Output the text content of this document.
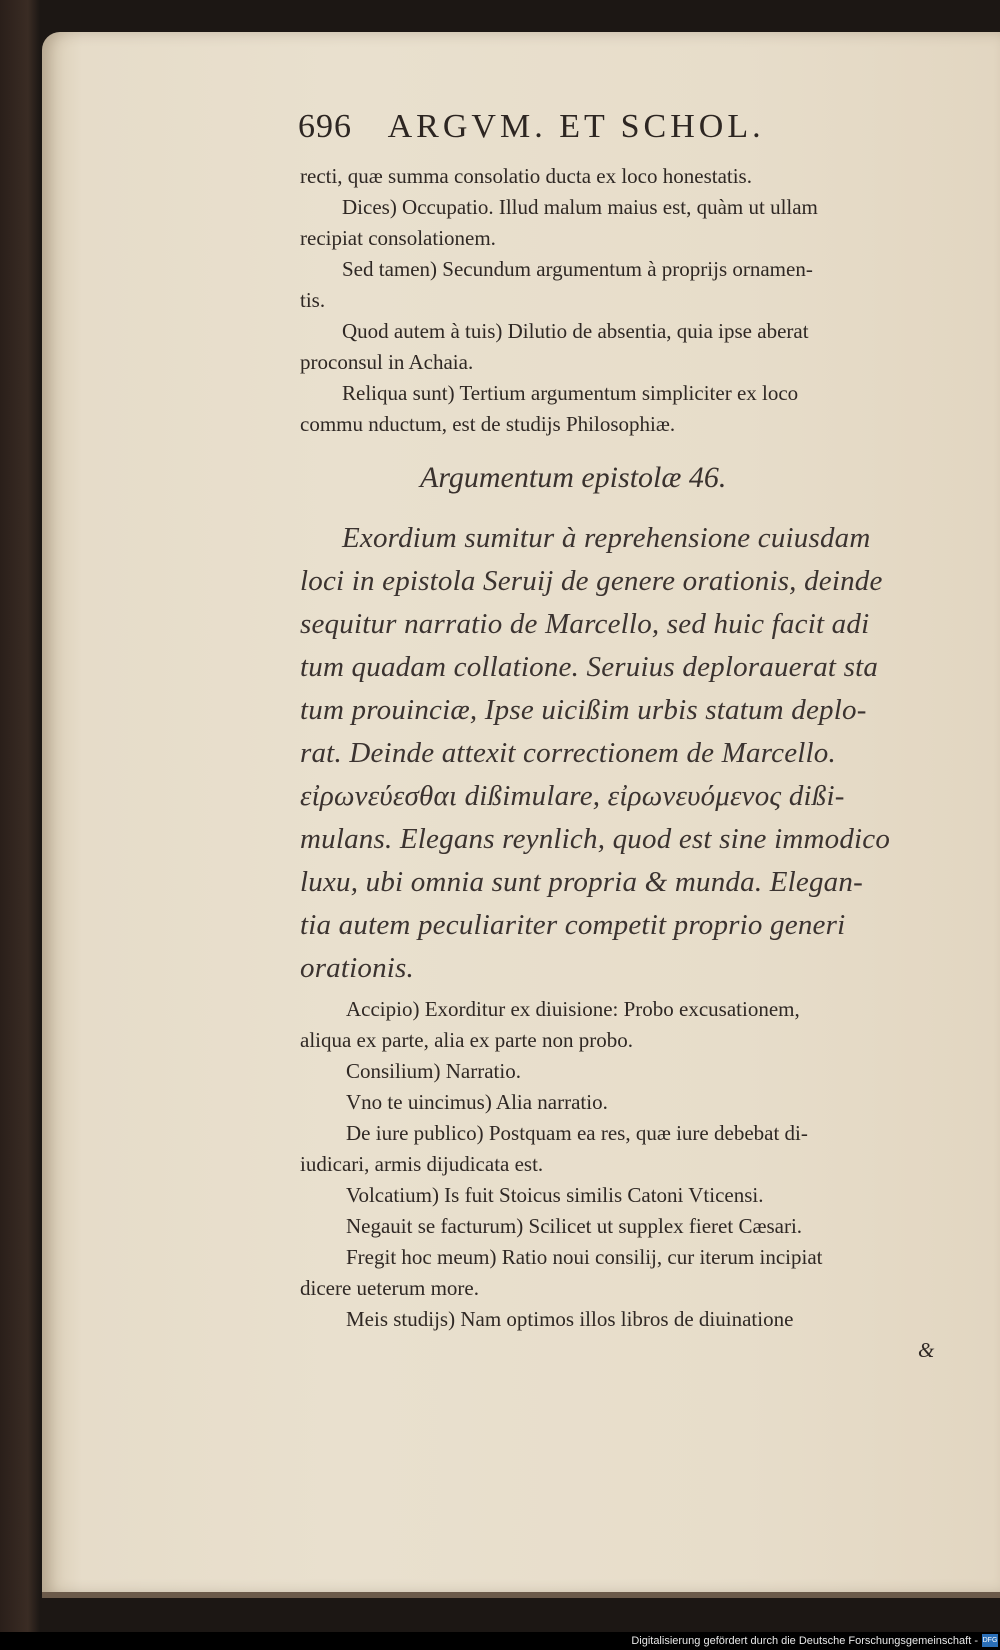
696 ARGVM. ET SCHOL.
recti, quæ summa consolatio ducta ex loco honestatis.
Dices) Occupatio. Illud malum maius est, quàm ut ullam
recipiat consolationem.
Sed tamen) Secundum argumentum à proprijs ornamen-
tis.
Quod autem à tuis) Dilutio de absentia, quia ipse aberat
proconsul in Achaia.
Reliqua sunt) Tertium argumentum simpliciter ex loco
commu nductum, est de studijs Philosophiæ.
Argumentum epistolæ 46.
Exordium sumitur à reprehensione cuiusdam
loci in epistola Seruij de genere orationis, deinde
sequitur narratio de Marcello, sed huic facit adi
tum quadam collatione. Seruius deplorauerat sta
tum prouinciæ, Ipse uicißim urbis statum deplo-
rat. Deinde attexit correctionem de Marcello.
εἰρωνεύεσθαι dißimulare, εἰρωνευόμενος dißi-
mulans. Elegans reynlich, quod est sine immodico
luxu, ubi omnia sunt propria & munda. Elegan-
tia autem peculiariter competit proprio generi
orationis.
Accipio) Exorditur ex diuisione: Probo excusationem,
aliqua ex parte, alia ex parte non probo.
Consilium) Narratio.
Vno te uincimus) Alia narratio.
De iure publico) Postquam ea res, quæ iure debebat di-
iudicari, armis dijudicata est.
Volcatium) Is fuit Stoicus similis Catoni Vticensi.
Negauit se facturum) Scilicet ut supplex fieret Cæsari.
Fregit hoc meum) Ratio noui consilij, cur iterum incipiat
dicere ueterum more.
Meis studijs) Nam optimos illos libros de diuinatione
&
Digitalisierung gefördert durch die Deutsche Forschungsgemeinschaft - DFG
